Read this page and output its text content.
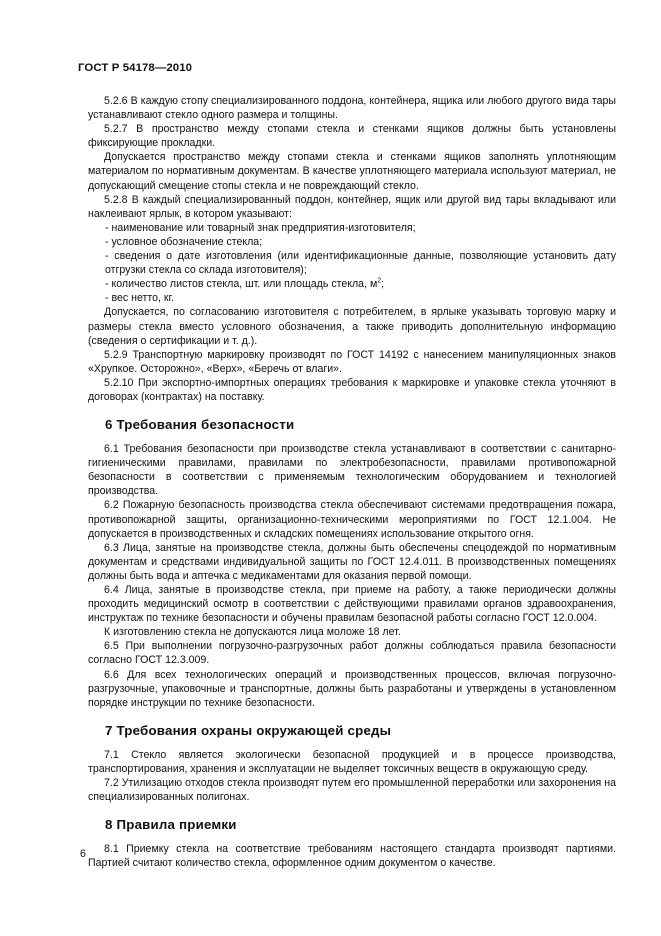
ГОСТ Р 54178—2010

5.2.6 В каждую стопу специализированного поддона, контейнера, ящика или любого другого вида тары устанавливают стекло одного размера и толщины.

5.2.7 В пространство между стопами стекла и стенками ящиков должны быть установлены фиксирующие прокладки.

Допускается пространство между стопами стекла и стенками ящиков заполнять уплотняющим материалом по нормативным документам. В качестве уплотняющего материала используют материал, не допускающий смещение стопы стекла и не повреждающий стекло.

5.2.8 В каждый специализированный поддон, контейнер, ящик или другой вид тары вкладывают или наклеивают ярлык, в котором указывают:

- наименование или товарный знак предприятия-изготовителя;

- условное обозначение стекла;

- сведения о дате изготовления (или идентификационные данные, позволяющие установить дату отгрузки стекла со склада изготовителя);

- количество листов стекла, шт. или площадь стекла, $м^2$;

- вес нетто, кг.

Допускается, по согласованию изготовителя с потребителем, в ярлыке указывать торговую марку и размеры стекла вместо условного обозначения, а также приводить дополнительную информацию (сведения о сертификации и т. д.).

5.2.9 Транспортную маркировку производят по ГОСТ 14192 с нанесением манипуляционных знаков «Хрупкое. Осторожно», «Верх», «Беречь от влаги».

5.2.10 При экспортно-импортных операциях требования к маркировке и упаковке стекла уточняют в договорах (контрактах) на поставку.

6 Требования безопасности

6.1 Требования безопасности при производстве стекла устанавливают в соответствии с санитарно-гигиеническими правилами, правилами по электробезопасности, правилами противопожарной безопасности в соответствии с применяемым технологическим оборудованием и технологией производства.

6.2 Пожарную безопасность производства стекла обеспечивают системами предотвращения пожара, противопожарной защиты, организационно-техническими мероприятиями по ГОСТ 12.1.004. Не допускается в производственных и складских помещениях использование открытого огня.

6.3 Лица, занятые на производстве стекла, должны быть обеспечены спецодеждой по нормативным документам и средствами индивидуальной защиты по ГОСТ 12.4.011. В производственных помещениях должны быть вода и аптечка с медикаментами для оказания первой помощи.

6.4 Лица, занятые в производстве стекла, при приеме на работу, а также периодически должны проходить медицинский осмотр в соответствии с действующими правилами органов здравоохранения, инструктаж по технике безопасности и обучены правилам безопасной работы согласно ГОСТ 12.0.004.

К изготовлению стекла не допускаются лица моложе 18 лет.

6.5 При выполнении погрузочно-разгрузочных работ должны соблюдаться правила безопасности согласно ГОСТ 12.3.009.

6.6 Для всех технологических операций и производственных процессов, включая погрузочно-разгрузочные, упаковочные и транспортные, должны быть разработаны и утверждены в установленном порядке инструкции по технике безопасности.

7 Требования охраны окружающей среды

7.1 Стекло является экологически безопасной продукцией и в процессе производства, транспортирования, хранения и эксплуатации не выделяет токсичных веществ в окружающую среду.

7.2 Утилизацию отходов стекла производят путем его промышленной переработки или захоронения на специализированных полигонах.

8 Правила приемки

8.1 Приемку стекла на соответствие требованиям настоящего стандарта производят партиями. Партией считают количество стекла, оформленное одним документом о качестве.

6
